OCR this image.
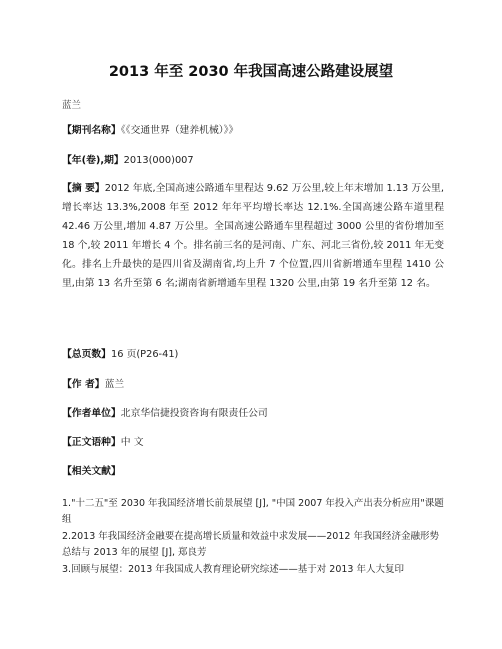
2013 年至 2030 年我国高速公路建设展望
蓝兰
【期刊名称】《《交通世界（建养机械）》》
【年(卷),期】2013(000)007
【摘 要】2012 年底,全国高速公路通车里程达 9.62 万公里,较上年末增加 1.13 万公里,增长率达 13.3%,2008 年至 2012 年年平均增长率达 12.1%.全国高速公路车道里程 42.46 万公里,增加 4.87 万公里。全国高速公路通车里程超过 3000 公里的省份增加至 18 个,较 2011 年增长 4 个。排名前三名的是河南、广东、河北三省份,较 2011 年无变化。排名上升最快的是四川省及湖南省,均上升 7 个位置,四川省新增通车里程 1410 公里,由第 13 名升至第 6 名;湖南省新增通车里程 1320 公里,由第 19 名升至第 12 名。
【总页数】16 页(P26-41)
【作 者】蓝兰
【作者单位】北京华信捷投资咨询有限责任公司
【正文语种】中 文
【相关文献】
1."十二五"至 2030 年我国经济增长前景展望 [J], "中国 2007 年投入产出表分析应用"课题组
2.2013 年我国经济金融要在提高增长质量和效益中求发展——2012 年我国经济金融形势总结与 2013 年的展望 [J], 郑良芳
3.回顾与展望：2013 年我国成人教育理论研究综述——基于对 2013 年人大复印
